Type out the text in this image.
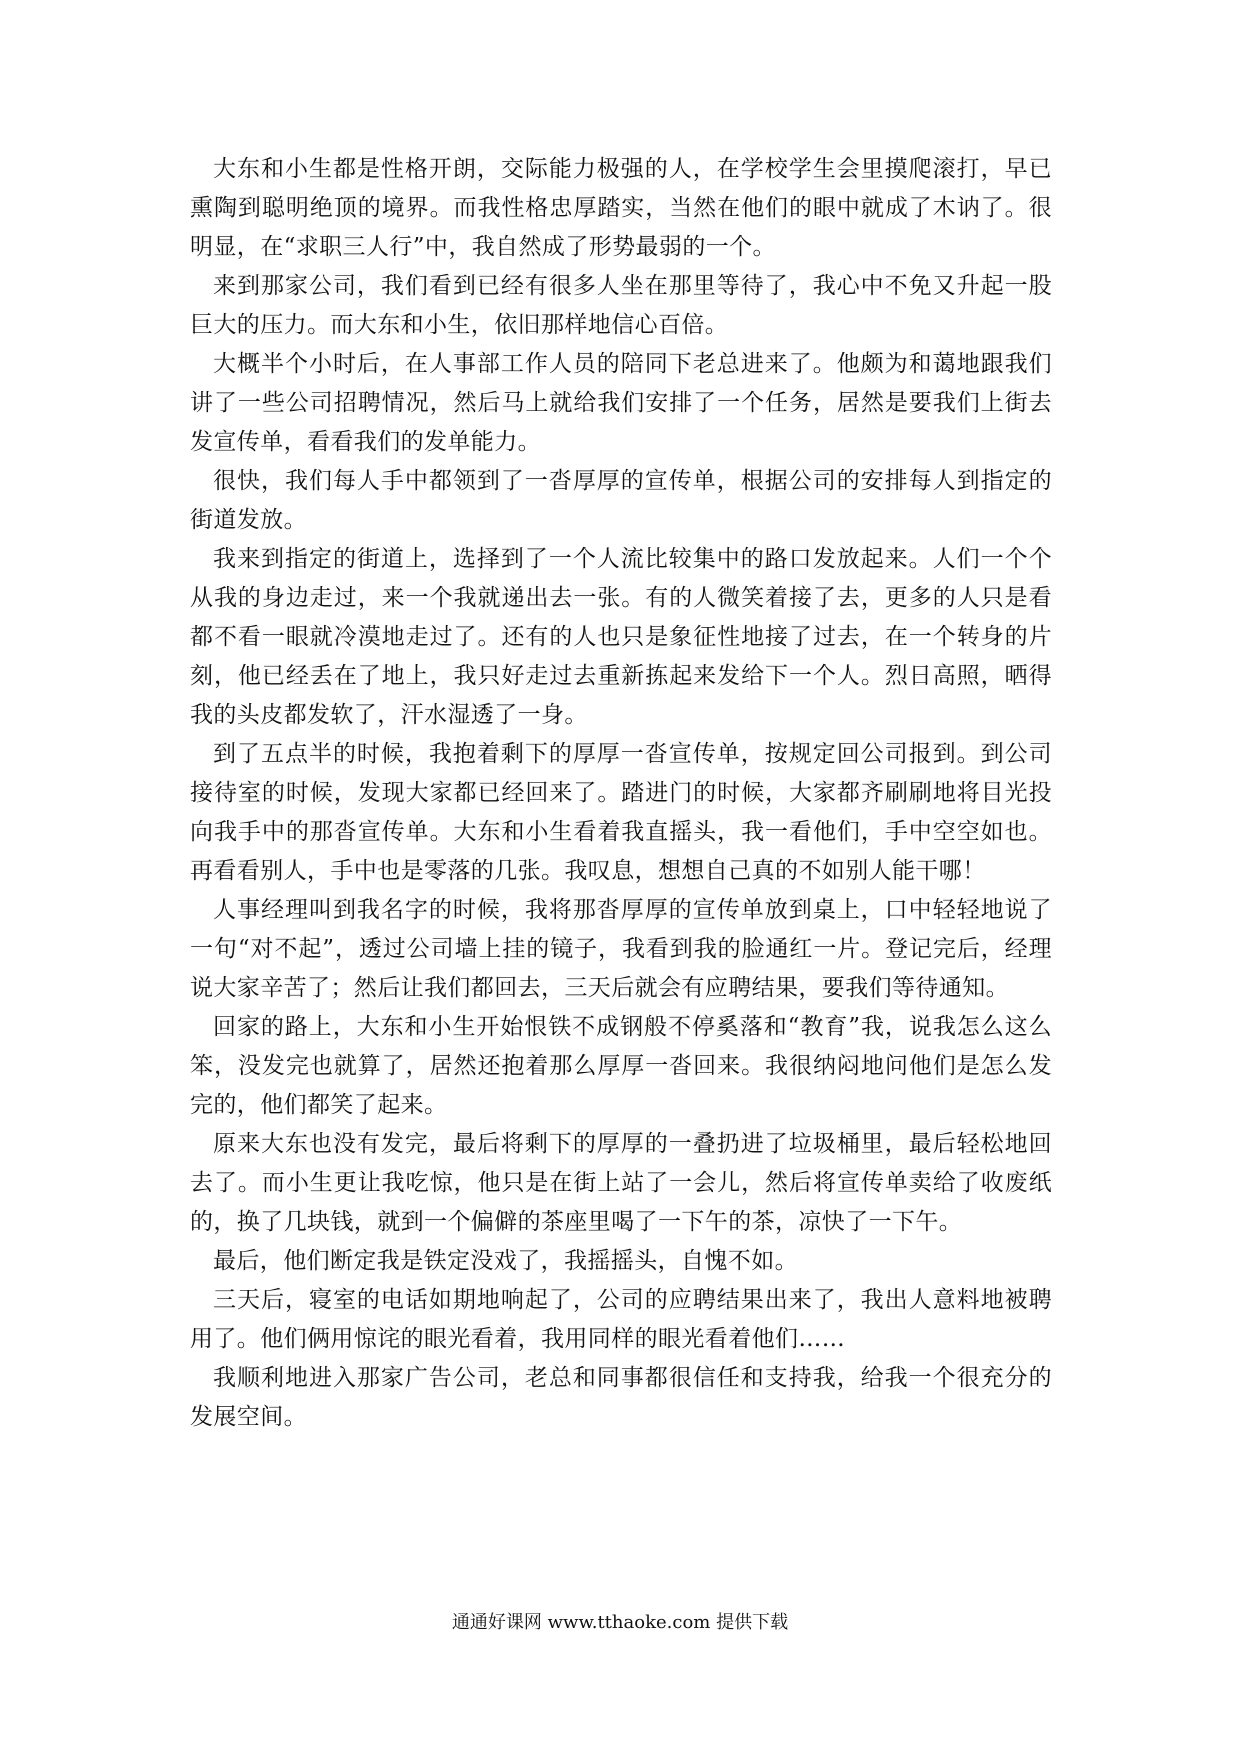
大东和小生都是性格开朗，交际能力极强的人，在学校学生会里摸爬滚打，早已熏陶到聪明绝顶的境界。而我性格忠厚踏实，当然在他们的眼中就成了木讷了。很明显，在“求职三人行”中，我自然成了形势最弱的一个。

来到那家公司，我们看到已经有很多人坐在那里等待了，我心中不免又升起一股巨大的压力。而大东和小生，依旧那样地信心百倍。

大概半个小时后，在人事部工作人员的陪同下老总进来了。他颇为和蔼地跟我们讲了一些公司招聘情况，然后马上就给我们安排了一个任务，居然是要我们上街去发宣传单，看看我们的发单能力。

很快，我们每人手中都领到了一沓厚厚的宣传单，根据公司的安排每人到指定的街道发放。

我来到指定的街道上，选择到了一个人流比较集中的路口发放起来。人们一个个从我的身边走过，来一个我就递出去一张。有的人微笑着接了去，更多的人只是看都不看一眼就冷漠地走过了。还有的人也只是象征性地接了过去，在一个转身的片刻，他已经丢在了地上，我只好走过去重新拣起来发给下一个人。烈日高照，晒得我的头皮都发软了，汗水湿透了一身。

到了五点半的时候，我抱着剩下的厚厚一沓宣传单，按规定回公司报到。到公司接待室的时候，发现大家都已经回来了。踏进门的时候，大家都齐刷刷地将目光投向我手中的那沓宣传单。大东和小生看着我直摇头，我一看他们，手中空空如也。再看看别人，手中也是零落的几张。我叹息，想想自己真的不如别人能干哪！

人事经理叫到我名字的时候，我将那沓厚厚的宣传单放到桌上，口中轻轻地说了一句“对不起”，透过公司墙上挂的镜子，我看到我的脸通红一片。登记完后，经理说大家辛苦了；然后让我们都回去，三天后就会有应聘结果，要我们等待通知。

回家的路上，大东和小生开始恨铁不成钢般不停奚落和“教育”我，说我怎么这么笨，没发完也就算了，居然还抱着那么厚厚一沓回来。我很纳闷地问他们是怎么发完的，他们都笑了起来。

原来大东也没有发完，最后将剩下的厚厚的一叠扔进了垃圾桶里，最后轻松地回去了。而小生更让我吃惊，他只是在街上站了一会儿，然后将宣传单卖给了收废纸的，换了几块钱，就到一个偏僻的茶座里喝了一下午的茶，凉快了一下午。

最后，他们断定我是铁定没戏了，我摇摇头，自愧不如。

三天后，寝室的电话如期地响起了，公司的应聘结果出来了，我出人意料地被聘用了。他们俩用惊诧的眼光看着，我用同样的眼光看着他们……

我顺利地进入那家广告公司，老总和同事都很信任和支持我，给我一个很充分的发展空间。

通通好课网 www.tthaoke.com 提供下载
